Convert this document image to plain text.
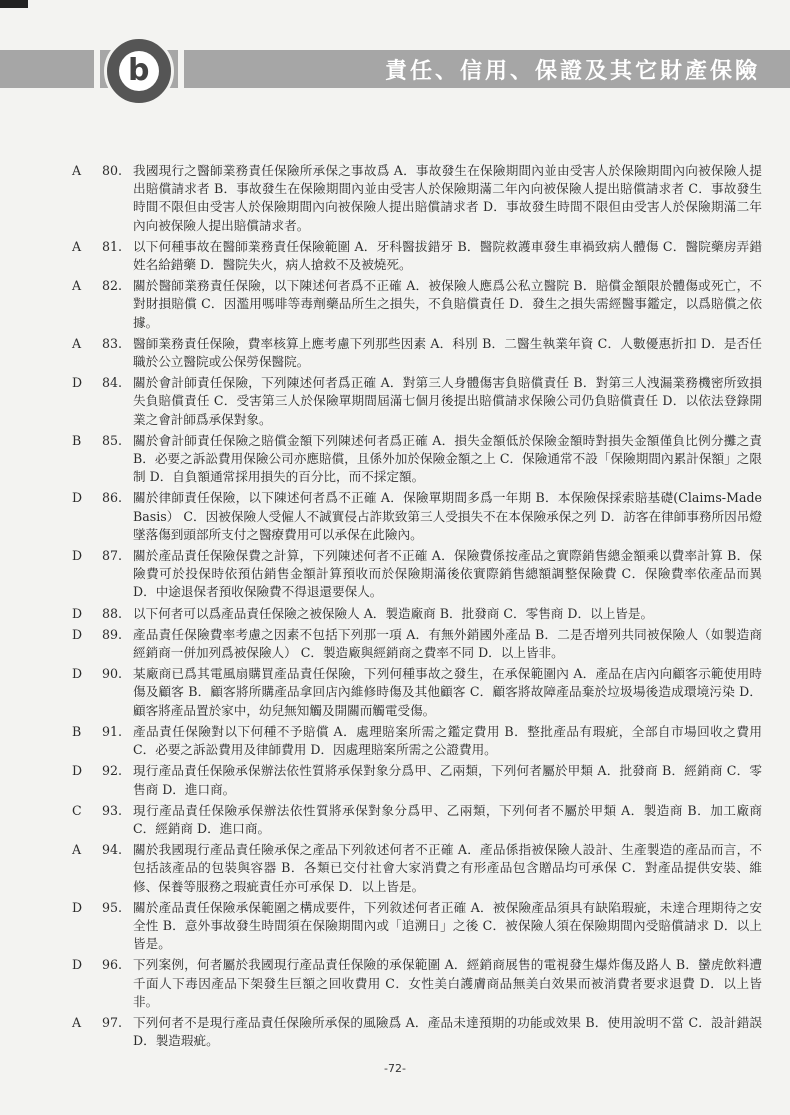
責任、信用、保證及其它財產保險
b
A	80. 我國現行之醫師業務責任保險所承保之事故爲 A．事故發生在保險期間內並由受害人於保險期間內向被保險人提出賠償請求者 B．事故發生在保險期間內並由受害人於保險期滿二年內向被保險人提出賠償請求者 C．事故發生時間不限但由受害人於保險期間內向被保險人提出賠償請求者 D．事故發生時間不限但由受害人於保險期滿二年內向被保險人提出賠償請求者。
A	81. 以下何種事故在醫師業務責任保險範圍 A．牙科醫拔錯牙 B．醫院救護車發生車禍致病人體傷 C．醫院藥房弄錯姓名給錯藥 D．醫院失火，病人搶救不及被燒死。
A	82. 關於醫師業務責任保險，以下陳述何者爲不正確 A．被保險人應爲公私立醫院 B．賠償金額限於體傷或死亡，不對財損賠償 C．因濫用嗎啡等毒劑藥品所生之損失，不負賠償責任 D．發生之損失需經醫事鑑定，以爲賠償之依據。
A	83. 醫師業務責任保險，費率核算上應考慮下列那些因素 A．科別 B．二醫生執業年資 C．人數優惠折扣 D．是否任職於公立醫院或公保勞保醫院。
D	84. 關於會計師責任保險，下列陳述何者爲正確 A．對第三人身體傷害負賠償責任 B．對第三人洩漏業務機密所致損失負賠償責任 C．受害第三人於保險單期間屆滿七個月後提出賠償請求保險公司仍負賠償責任 D．以依法登錄開業之會計師爲承保對象。
B	85. 關於會計師責任保險之賠償金額下列陳述何者爲正確 A．損失金額低於保險金額時對損失金額僅負比例分攤之責 B．必要之訴訟費用保險公司亦應賠償，且係外加於保險金額之上 C．保險通常不設「保險期間內累計保額」之限制 D．自負額通常採用損失的百分比，而不採定額。
D	86. 關於律師責任保險，以下陳述何者爲不正確 A．保險單期間多爲一年期 B．本保險保採索賠基礎(Claims-Made Basis） C．因被保險人受僱人不誠實侵占詐欺致第三人受損失不在本保險承保之列 D．訪客在律師事務所因吊燈墜落傷到頭部所支付之醫療費用可以承保在此險內。
D	87. 關於產品責任保險保費之計算，下列陳述何者不正確 A．保險費係按產品之實際銷售總金額乘以費率計算 B．保險費可於投保時依預估銷售金額計算預收而於保險期滿後依實際銷售總額調整保險費 C．保險費率依產品而異 D．中途退保者預收保險費不得退還要保人。
D	88. 以下何者可以爲產品責任保險之被保險人 A．製造廠商 B．批發商 C．零售商 D．以上皆是。
D	89. 產品責任保險費率考慮之因素不包括下列那一項 A．有無外銷國外產品 B．二是否增列共同被保險人（如製造商經銷商一併加列爲被保險人） C．製造廠與經銷商之費率不同 D．以上皆非。
D	90. 某廠商已爲其電風扇購買產品責任保險，下列何種事故之發生，在承保範圍內 A．產品在店內向顧客示範使用時傷及顧客 B．顧客將所購產品拿回店內維修時傷及其他顧客 C．顧客將故障產品棄於垃圾場後造成環境污染 D．顧客將產品置於家中，幼兒無知觸及開關而觸電受傷。
B	91. 產品責任保險對以下何種不予賠償 A．處理賠案所需之鑑定費用 B．整批產品有瑕疵，全部自市場回收之費用 C．必要之訴訟費用及律師費用 D．因處理賠案所需之公證費用。
D	92. 現行產品責任保險承保辦法依性質將承保對象分爲甲、乙兩類，下列何者屬於甲類 A．批發商 B．經銷商 C．零售商 D．進口商。
C	93. 現行產品責任保險承保辦法依性質將承保對象分爲甲、乙兩類，下列何者不屬於甲類 A．製造商 B．加工廠商 C．經銷商 D．進口商。
A	94. 關於我國現行產品責任險承保之產品下列敘述何者不正確 A．產品係指被保險人設計、生產製造的產品而言，不包括該產品的包裝與容器 B．各類已交付社會大家消費之有形產品包含贈品均可承保 C．對產品提供安裝、維修、保養等服務之瑕疵責任亦可承保 D．以上皆是。
D	95. 關於產品責任保險承保範圍之構成要件，下列敘述何者正確 A．被保險產品須具有缺陷瑕疵，未達合理期待之安全性 B．意外事故發生時間須在保險期間內或「追溯日」之後 C．被保險人須在保險期間內受賠償請求 D．以上皆是。
D	96. 下列案例，何者屬於我國現行產品責任保險的承保範圍 A．經銷商展售的電視發生爆炸傷及路人 B．蠻虎飲料遭千面人下毒因產品下架發生巨額之回收費用 C．女性美白護膚商品無美白效果而被消費者要求退費 D．以上皆非。
A	97. 下列何者不是現行產品責任保險所承保的風險爲 A．產品未達預期的功能或效果 B．使用說明不當 C．設計錯誤 D．製造瑕疵。
-72-
